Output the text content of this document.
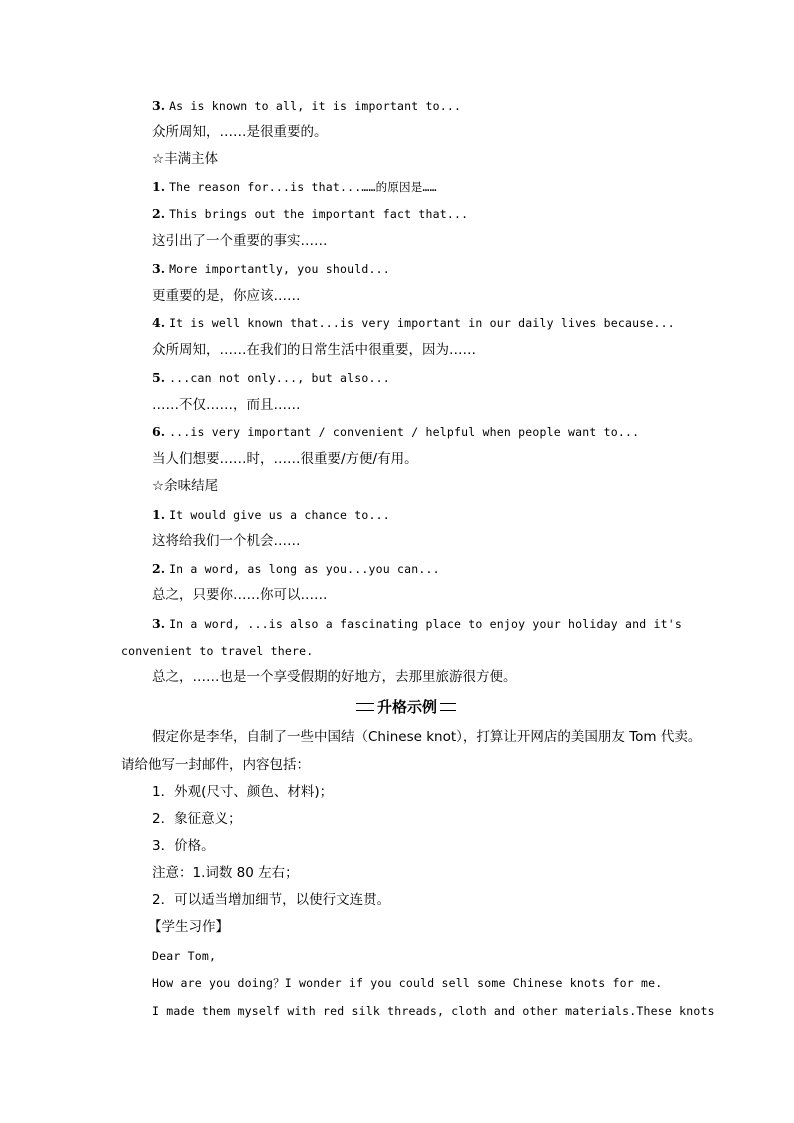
3. As is known to all, it is important to...
众所周知，……是很重要的。
☆丰满主体
1. The reason for...is that...……的原因是……
2. This brings out the important fact that...
这引出了一个重要的事实……
3. More importantly, you should...
更重要的是，你应该……
4. It is well known that...is very important in our daily lives because...
众所周知，……在我们的日常生活中很重要，因为……
5. ...can not only..., but also...
……不仅……，而且……
6. ...is very important / convenient / helpful when people want to...
当人们想要……时，……很重要/方便/有用。
☆余味结尾
1. It would give us a chance to...
这将给我们一个机会……
2. In a word, as long as you...you can...
总之，只要你……你可以……
3. In a word, ...is also a fascinating place to enjoy your holiday and it's
convenient to travel there.
总之，……也是一个享受假期的好地方，去那里旅游很方便。
升格示例
假定你是李华，自制了一些中国结（Chinese knot），打算让开网店的美国朋友 Tom 代卖。
请给他写一封邮件，内容包括：
1．外观(尺寸、颜色、材料)；
2．象征意义；
3．价格。
注意：1.词数 80 左右；
2．可以适当增加细节，以使行文连贯。
【学生习作】
Dear Tom,
How are you doing？I wonder if you could sell some Chinese knots for me.
I made them myself with red silk threads, cloth and other materials.These knots
